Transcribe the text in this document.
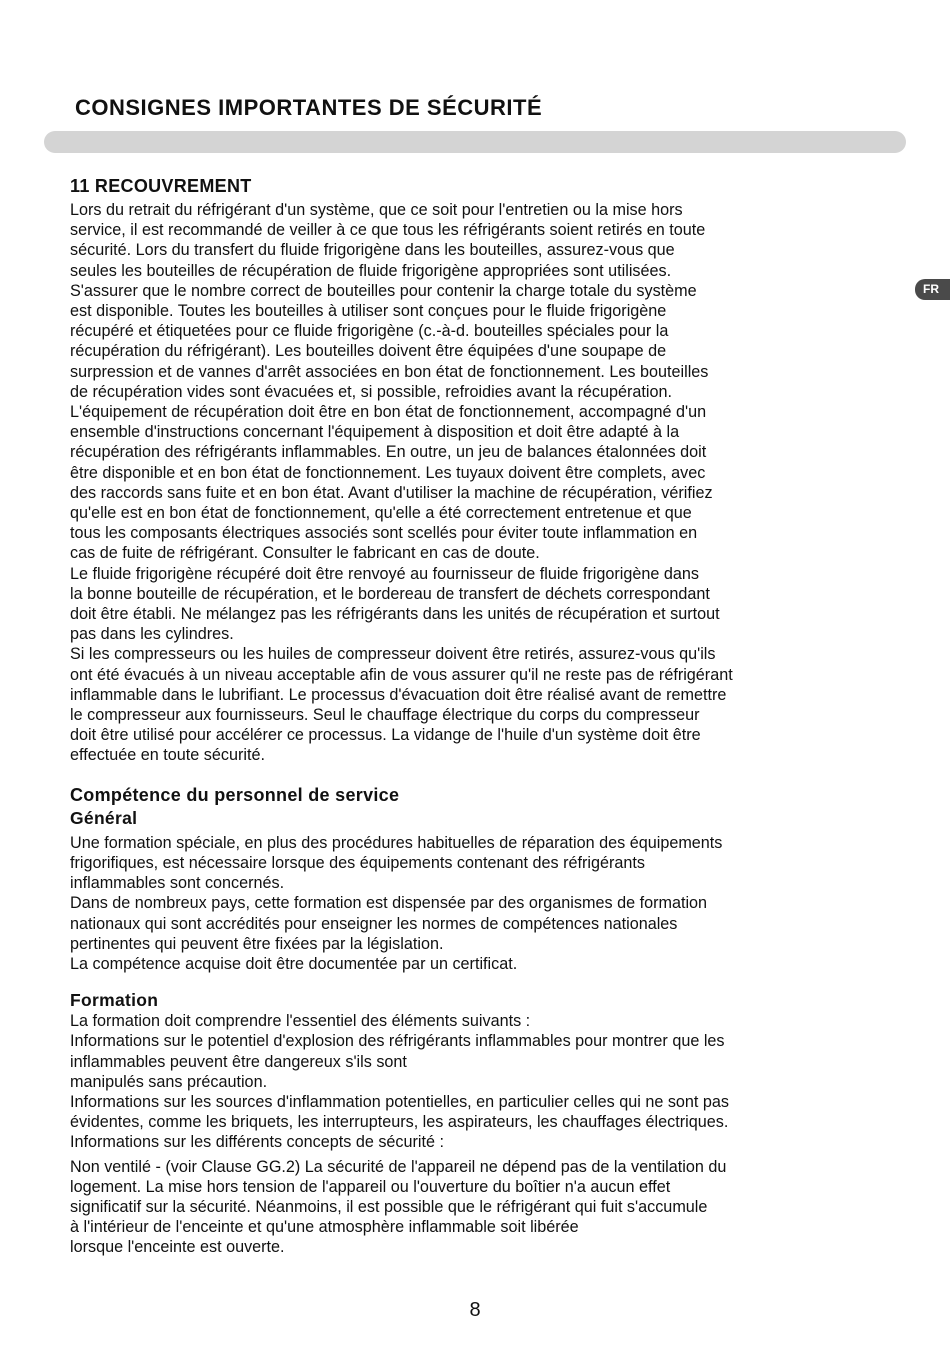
CONSIGNES IMPORTANTES DE SÉCURITÉ
FR
11 RECOUVREMENT
Lors du retrait du réfrigérant d'un système, que ce soit pour l'entretien ou la mise hors
service, il est recommandé de veiller à ce que tous les réfrigérants soient retirés en toute
sécurité. Lors du transfert du fluide frigorigène dans les bouteilles, assurez-vous que
seules les bouteilles de récupération de fluide frigorigène appropriées sont utilisées.
S'assurer que le nombre correct de bouteilles pour contenir la charge totale du système
est disponible. Toutes les bouteilles à utiliser sont conçues pour le fluide frigorigène
récupéré et étiquetées pour ce fluide frigorigène (c.-à-d. bouteilles spéciales pour la
récupération du réfrigérant). Les bouteilles doivent être équipées d'une soupape de
surpression et de vannes d'arrêt associées en bon état de fonctionnement. Les bouteilles
de récupération vides sont évacuées et, si possible, refroidies avant la récupération.
L'équipement de récupération doit être en bon état de fonctionnement, accompagné d'un
ensemble d'instructions concernant l'équipement à disposition et doit être adapté à la
récupération des réfrigérants inflammables. En outre, un jeu de balances étalonnées doit
être disponible et en bon état de fonctionnement. Les tuyaux doivent être complets, avec
des raccords sans fuite et en bon état. Avant d'utiliser la machine de récupération, vérifiez
qu'elle est en bon état de fonctionnement, qu'elle a été correctement entretenue et que
tous les composants électriques associés sont scellés pour éviter toute inflammation en
cas de fuite de réfrigérant. Consulter le fabricant en cas de doute.
Le fluide frigorigène récupéré doit être renvoyé au fournisseur de fluide frigorigène dans
la bonne bouteille de récupération, et le bordereau de transfert de déchets correspondant
doit être établi. Ne mélangez pas les réfrigérants dans les unités de récupération et surtout
pas dans les cylindres.
Si les compresseurs ou les huiles de compresseur doivent être retirés, assurez-vous qu'ils
ont été évacués à un niveau acceptable afin de vous assurer qu'il ne reste pas de réfrigérant
inflammable dans le lubrifiant. Le processus d'évacuation doit être réalisé avant de remettre
le compresseur aux fournisseurs. Seul le chauffage électrique du corps du compresseur
doit être utilisé pour accélérer ce processus. La vidange de l'huile d'un système doit être
effectuée en toute sécurité.
Compétence du personnel de service
Général
Une formation spéciale, en plus des procédures habituelles de réparation des équipements
frigorifiques, est nécessaire lorsque des équipements contenant des réfrigérants
inflammables sont concernés.
Dans de nombreux pays, cette formation est dispensée par des organismes de formation
nationaux qui sont accrédités pour enseigner les normes de compétences nationales
pertinentes qui peuvent être fixées par la législation.
La compétence acquise doit être documentée par un certificat.
Formation
La formation doit comprendre l'essentiel des éléments suivants :
Informations sur le potentiel d'explosion des réfrigérants inflammables pour montrer que les
inflammables peuvent être dangereux s'ils sont
manipulés sans précaution.
Informations sur les sources d'inflammation potentielles, en particulier celles qui ne sont pas
évidentes, comme les briquets, les interrupteurs, les aspirateurs, les chauffages électriques.
Informations sur les différents concepts de sécurité :
Non ventilé - (voir Clause GG.2) La sécurité de l'appareil ne dépend pas de la ventilation du
logement. La mise hors tension de l'appareil ou l'ouverture du boîtier n'a aucun effet
significatif sur la sécurité. Néanmoins, il est possible que le réfrigérant qui fuit s'accumule
à l'intérieur de l'enceinte et qu'une atmosphère inflammable soit libérée
lorsque l'enceinte est ouverte.
8
